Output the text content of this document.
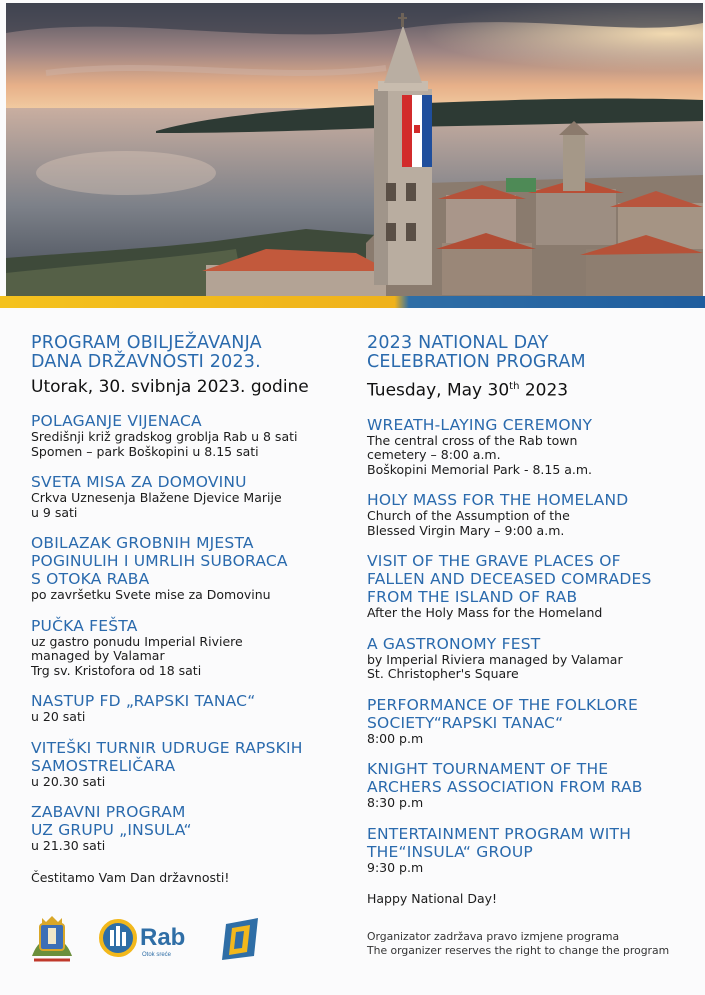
PROGRAM OBILJEŽAVANJA
DANA DRŽAVNOSTI 2023.
Utorak, 30. svibnja 2023. godine
POLAGANJE VIJENACA
Središnji križ gradskog groblja Rab u 8 sati
Spomen – park Boškopini u 8.15 sati
SVETA MISA ZA DOMOVINU
Crkva Uznesenja Blažene Djevice Marije
u 9 sati
OBILAZAK GROBNIH MJESTA
POGINULIH I UMRLIH SUBORACA
S OTOKA RABA
po završetku Svete mise za Domovinu
PUČKA FEŠTA
uz gastro ponudu Imperial Riviere
managed by Valamar
Trg sv. Kristofora od 18 sati
NASTUP FD „RAPSKI TANAC“
u 20 sati
VITEŠKI TURNIR UDRUGE RAPSKIH
SAMOSTRELIČARA
u 20.30 sati
ZABAVNI PROGRAM
UZ GRUPU „INSULA“
u 21.30 sati
Čestitamo Vam Dan državnosti!
2023 NATIONAL DAY
CELEBRATION PROGRAM
Tuesday, May 30th 2023
WREATH-LAYING CEREMONY
The central cross of the Rab town
cemetery – 8:00 a.m.
Boškopini Memorial Park - 8.15 a.m.
HOLY MASS FOR THE HOMELAND
Church of the Assumption of the
Blessed Virgin Mary – 9:00 a.m.
VISIT OF THE GRAVE PLACES OF
FALLEN AND DECEASED COMRADES
FROM THE ISLAND OF RAB
After the Holy Mass for the Homeland
A GASTRONOMY FEST
by Imperial Riviera managed by Valamar
St. Christopher's Square
PERFORMANCE OF THE FOLKLORE
SOCIETY“RAPSKI TANAC“
8:00 p.m
KNIGHT TOURNAMENT OF THE
ARCHERS ASSOCIATION FROM RAB
8:30 p.m
ENTERTAINMENT PROGRAM WITH
THE“INSULA“ GROUP
9:30 p.m
Happy National Day!
Rab
Otok sreće
Organizator zadržava pravo izmjene programa
The organizer reserves the right to change the program
